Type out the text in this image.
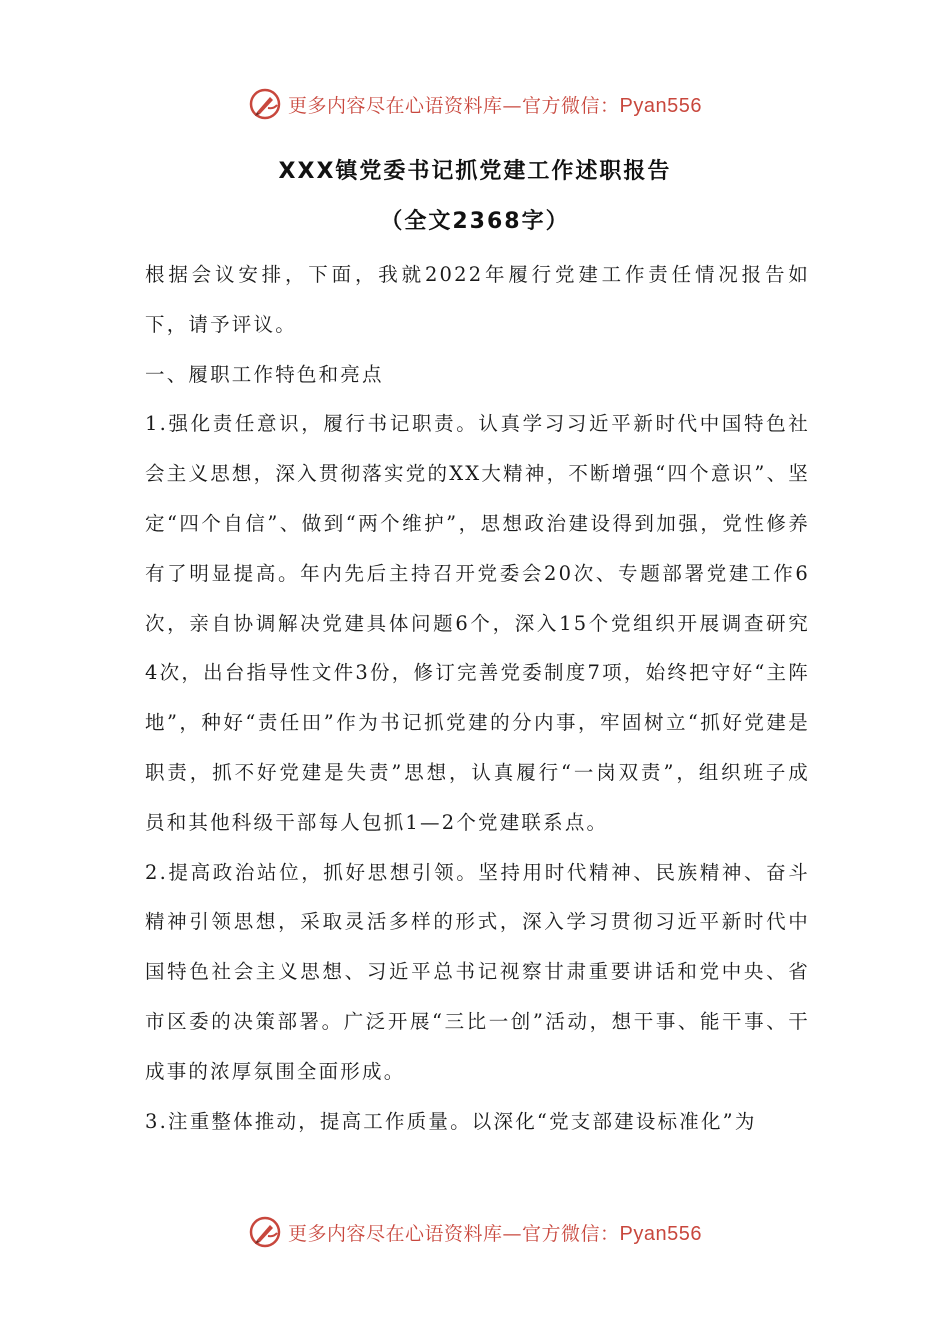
更多内容尽在心语资料库—官方微信：Pyan556
XXX镇党委书记抓党建工作述职报告
（全文2368字）

根据会议安排，下面，我就2022年履行党建工作责任情况报告如下，请予评议。

一、履职工作特色和亮点

1.强化责任意识，履行书记职责。认真学习习近平新时代中国特色社会主义思想，深入贯彻落实党的XX大精神，不断增强“四个意识”、坚定“四个自信”、做到“两个维护”，思想政治建设得到加强，党性修养有了明显提高。年内先后主持召开党委会20次、专题部署党建工作6次，亲自协调解决党建具体问题6个，深入15个党组织开展调查研究4次，出台指导性文件3份，修订完善党委制度7项，始终把守好“主阵地”，种好“责任田”作为书记抓党建的分内事，牢固树立“抓好党建是职责，抓不好党建是失责”思想，认真履行“一岗双责”，组织班子成员和其他科级干部每人包抓1—2个党建联系点。

2.提高政治站位，抓好思想引领。坚持用时代精神、民族精神、奋斗精神引领思想，采取灵活多样的形式，深入学习贯彻习近平新时代中国特色社会主义思想、习近平总书记视察甘肃重要讲话和党中央、省市区委的决策部署。广泛开展“三比一创”活动，想干事、能干事、干成事的浓厚氛围全面形成。

3.注重整体推动，提高工作质量。以深化“党支部建设标准化”为

更多内容尽在心语资料库—官方微信：Pyan556
